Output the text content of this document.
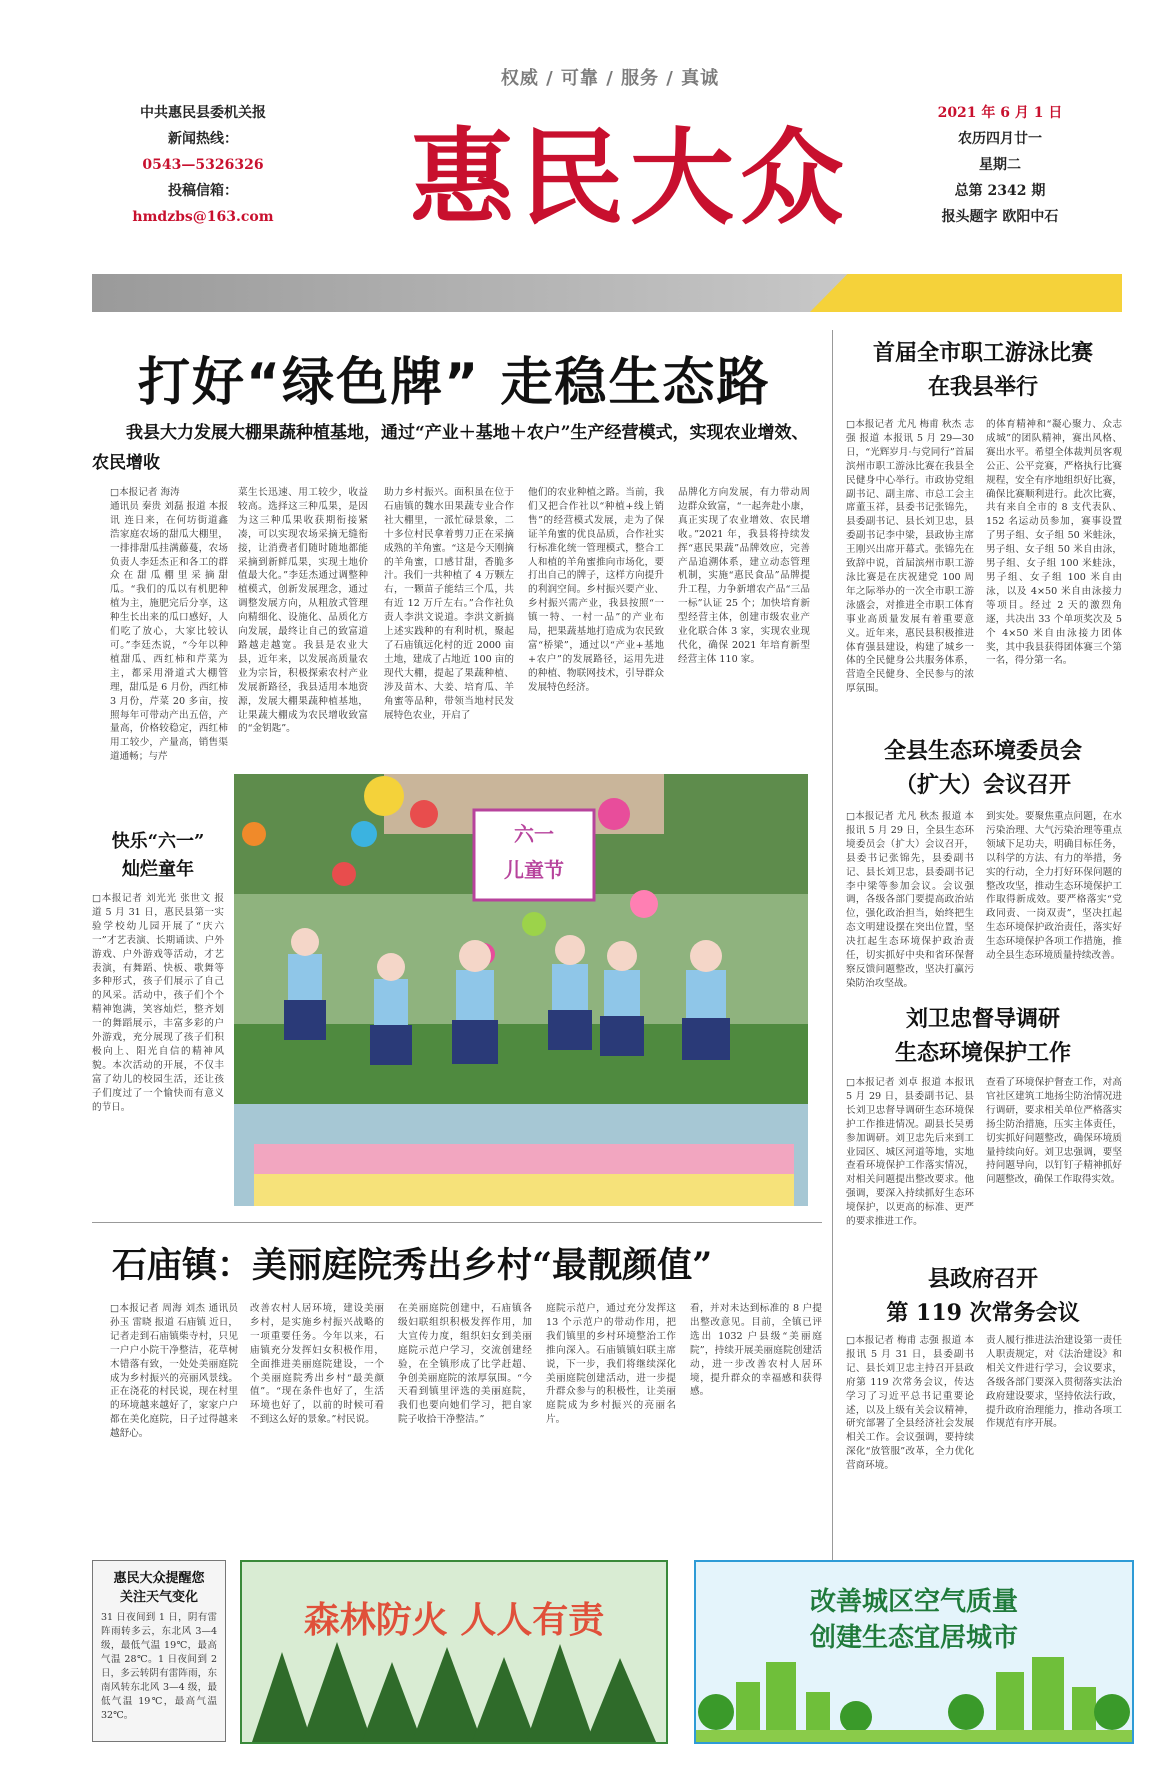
权威 / 可靠 / 服务 / 真诚
中共惠民县委机关报
新闻热线：
0543—5326326
投稿信箱：
hmdzbs@163.com 惠民大众
2021 年 6 月 1 日
农历四月廿一
星期二
总第 2342 期
报头题字 欧阳中石
打好“绿色牌” 走稳生态路
我县大力发展大棚果蔬种植基地，通过“产业＋基地＋农户”生产经营模式，实现农业增效、农民增收
□本报记者 海涛
通讯员 秦贵 刘磊 报道 本报讯 连日来，在何坊街道鑫浩家庭农场的甜瓜大棚里，一排排甜瓜挂满藤蔓，农场负责人李廷杰正和各工的群众在甜瓜棚里采摘甜瓜。“我们的瓜以有机肥种植为主，施肥完后分享，这种生长出来的瓜口感好，人们吃了放心，大家比较认可。”李廷杰说，“今年以种植甜瓜、西红柿和芹菜为主，都采用滑道式大棚管理，甜瓜是 6 月份，西红柿 3 月份，芹菜 20 多亩，按照每年可带动产出五倍，产量高，价格较稳定，西红柿用工较少，产量高，销售渠道通畅；与芹
菜生长迅速、用工较少，收益较高。选择这三种瓜果，是因为这三种瓜果收获期衔接紧凑，可以实现农场采摘无缝衔接，让消费者们随时随地都能采摘到新鲜瓜果，实现土地价值最大化。”李廷杰通过调整种植模式，创新发展理念，通过调整发展方向，从粗放式管理向精细化、设施化、品质化方向发展，最终让自己的致富道路越走越宽。我县是农业大县，近年来，以发展高质量农业为宗旨，积极探索农村产业发展新路径，我县适用本地资源，发展大棚果蔬种植基地，让果蔬大棚成为农民增收致富的“金钥匙”。
助力乡村振兴。面积虽在位于石庙镇的魏水田果蔬专业合作社大棚里，一派忙碌景象，二十多位村民拿着剪刀正在采摘成熟的羊角蜜。“这是今天刚摘的羊角蜜，口感甘甜，香脆多汁。我们一共种植了 4 万颗左右，一颗苗子能结三个瓜，共有近 12 万斤左右。”合作社负责人李洪文说道。李洪文新搞上述实践种的有利时机，聚起了石庙镇远化村的近 2000 亩土地，建成了占地近 100 亩的现代大棚，提起了果蔬种植、涉及苗木、大姜、培育瓜、羊角蜜等品种，带领当地村民发展特色农业，开启了
他们的农业种植之路。当前，我们又把合作社以“种植+线上销售”的经营模式发展，走为了保证羊角蜜的优良品质，合作社实行标准化统一管理模式，整合工人和植的羊角蜜推向市场化，要打出自己的牌子，这样方向提升的利润空间。乡村振兴要产业、乡村振兴需产业，我县按照“一镇一特、一村一品”的产业布局，把果蔬基地打造成为农民致富“桥梁”，通过以“产业+基地+农户”的发展路径，运用先进的种植、物联网技术，引导群众发展特色经济。
品牌化方向发展，有力带动周边群众致富，“一起奔赴小康，真正实现了农业增效、农民增收。”2021 年，我县将持续发挥“惠民果蔬”品牌效应，完善产品追溯体系，建立动态管理机制，实施“惠民食品”品牌提升工程，力争新增农产品“三品一标”认证 25 个；加快培育新型经营主体，创建市级农业产业化联合体 3 家，实现农业现代化，确保 2021 年培育新型经营主体 110 家。
首届全市职工游泳比赛
在我县举行
□本报记者 尤凡 梅甫 秋杰 志强 报道 本报讯 5 月 29—30 日，“光辉岁月·与党同行”首届滨州市职工游泳比赛在我县全民健身中心举行。市政协党组副书记、副主席、市总工会主席董玉祥，县委书记张锦先，县委副书记、县长刘卫忠，县委副书记李中梁，县政协主席王刚兴出席开幕式。张锦先在致辞中说，首届滨州市职工游泳比赛是在庆祝建党 100 周年之际举办的一次全市职工游泳盛会，对推进全市职工体育事业高质量发展有着重要意义。近年来，惠民县积极推进体育强县建设，构建了城乡一体的全民健身公共服务体系，营造全民健身、全民参与的浓厚氛围。
的体育精神和“凝心聚力、众志成城”的团队精神，赛出风格、赛出水平。希望全体裁判员客观公正、公平竞赛，严格执行比赛规程，安全有序地组织好比赛，确保比赛顺利进行。此次比赛，共有来自全市的 8 支代表队、152 名运动员参加，赛事设置了男子组、女子组 50 米蛙泳，男子组、女子组 50 米自由泳，男子组、女子组 100 米蛙泳，男子组、女子组 100 米自由泳，以及 4×50 米自由泳接力等项目。经过 2 天的激烈角逐，共决出 33 个单项奖次及 5 个 4×50 米自由泳接力团体奖，其中我县获得团体赛三个第一名，得分第一名。
全县生态环境委员会
（扩大）会议召开
□本报记者 尤凡 秋杰 报道 本报讯 5 月 29 日，全县生态环境委员会（扩大）会议召开，县委书记张锦先，县委副书记、县长刘卫忠，县委副书记李中梁等参加会议。会议强调，各级各部门要提高政治站位，强化政治担当，始终把生态文明建设摆在突出位置，坚决扛起生态环境保护政治责任，切实抓好中央和省环保督察反馈问题整改，坚决打赢污染防治攻坚战。
到实处。要聚焦重点问题，在水污染治理、大气污染治理等重点领域下足功夫，明确目标任务，以科学的方法、有力的举措，务实的行动，全力打好环保问题的整改攻坚，推动生态环境保护工作取得新成效。要严格落实“党政同责、一岗双责”，坚决扛起生态环境保护政治责任，落实好生态环境保护各项工作措施，推动全县生态环境质量持续改善。
刘卫忠督导调研
生态环境保护工作
□本报记者 刘卓 报道 本报讯 5 月 29 日，县委副书记、县长刘卫忠督导调研生态环境保护工作推进情况。副县长吴勇参加调研。刘卫忠先后来到工业园区、城区河道等地，实地查看环境保护工作落实情况，对相关问题提出整改要求。他强调，要深入持续抓好生态环境保护，以更高的标准、更严的要求推进工作。
查看了环境保护督查工作，对高官社区建筑工地扬尘防治情况进行调研，要求相关单位严格落实扬尘防治措施，压实主体责任，切实抓好问题整改，确保环境质量持续向好。刘卫忠强调，要坚持问题导向，以钉钉子精神抓好问题整改，确保工作取得实效。
快乐“六一”
灿烂童年
□本报记者 刘光光 张世文 报道 5 月 31 日，惠民县第一实验学校幼儿园开展了“庆六一”才艺表演、长期诵读、户外游戏、户外游戏等活动，才艺表演，有舞蹈、快板、歌舞等多种形式，孩子们展示了自己的风采。活动中，孩子们个个精神饱满，笑容灿烂，整齐划一的舞蹈展示，丰富多彩的户外游戏，充分展现了孩子们积极向上、阳光自信的精神风貌。本次活动的开展，不仅丰富了幼儿的校园生活，还让孩子们度过了一个愉快而有意义的节日。
六一
儿童节
石庙镇：美丽庭院秀出乡村“最靓颜值”
□本报记者 周海 刘杰 通讯员 孙玉 雷晓 报道 石庙镇 近日，记者走到石庙镇柴寺村，只见一户户小院干净整洁，花草树木错落有致，一处处美丽庭院成为乡村振兴的亮丽风景线。正在浇花的村民说，现在村里的环境越来越好了，家家户户都在美化庭院，日子过得越来越舒心。
改善农村人居环境，建设美丽乡村，是实施乡村振兴战略的一项重要任务。今年以来，石庙镇充分发挥妇女积极作用，全面推进美丽庭院建设，一个个美丽庭院秀出乡村“最美颜值”。“现在条件也好了，生活环境也好了，以前的时候可看不到这么好的景象。”村民说。
在美丽庭院创建中，石庙镇各级妇联组织积极发挥作用，加大宣传力度，组织妇女到美丽庭院示范户学习，交流创建经验，在全镇形成了比学赶超、争创美丽庭院的浓厚氛围。“今天看到镇里评选的美丽庭院，我们也要向她们学习，把自家院子收拾干净整洁。”
庭院示范户，通过充分发挥这 13 个示范户的带动作用，把我们镇里的乡村环境整治工作推向深入。石庙镇镇妇联主席说，下一步，我们将继续深化美丽庭院创建活动，进一步提升群众参与的积极性，让美丽庭院成为乡村振兴的亮丽名片。
看，并对未达到标准的 8 户提出整改意见。目前，全镇已评选出 1032 户县级“美丽庭院”，持续开展美丽庭院创建活动，进一步改善农村人居环境，提升群众的幸福感和获得感。
县政府召开
第 119 次常务会议
□本报记者 梅甫 志强 报道 本报讯 5 月 31 日，县委副书记、县长刘卫忠主持召开县政府第 119 次常务会议，传达学习了习近平总书记重要论述，以及上级有关会议精神，研究部署了全县经济社会发展相关工作。会议强调，要持续深化“放管服”改革，全力优化营商环境。
责人履行推进法治建设第一责任人职责规定，对《法治建设》和相关文件进行学习，会议要求，各级各部门要深入贯彻落实法治政府建设要求，坚持依法行政，提升政府治理能力，推动各项工作规范有序开展。
惠民大众提醒您
关注天气变化
31 日夜间到 1 日，阴有雷阵雨转多云，东北风 3—4 级，最低气温 19℃，最高气温 28℃。1 日夜间到 2 日，多云转阴有雷阵雨，东南风转东北风 3—4 级，最低气温 19℃，最高气温 32℃。
森林防火 人人有责	改善城区空气质量
创建生态宜居城市
